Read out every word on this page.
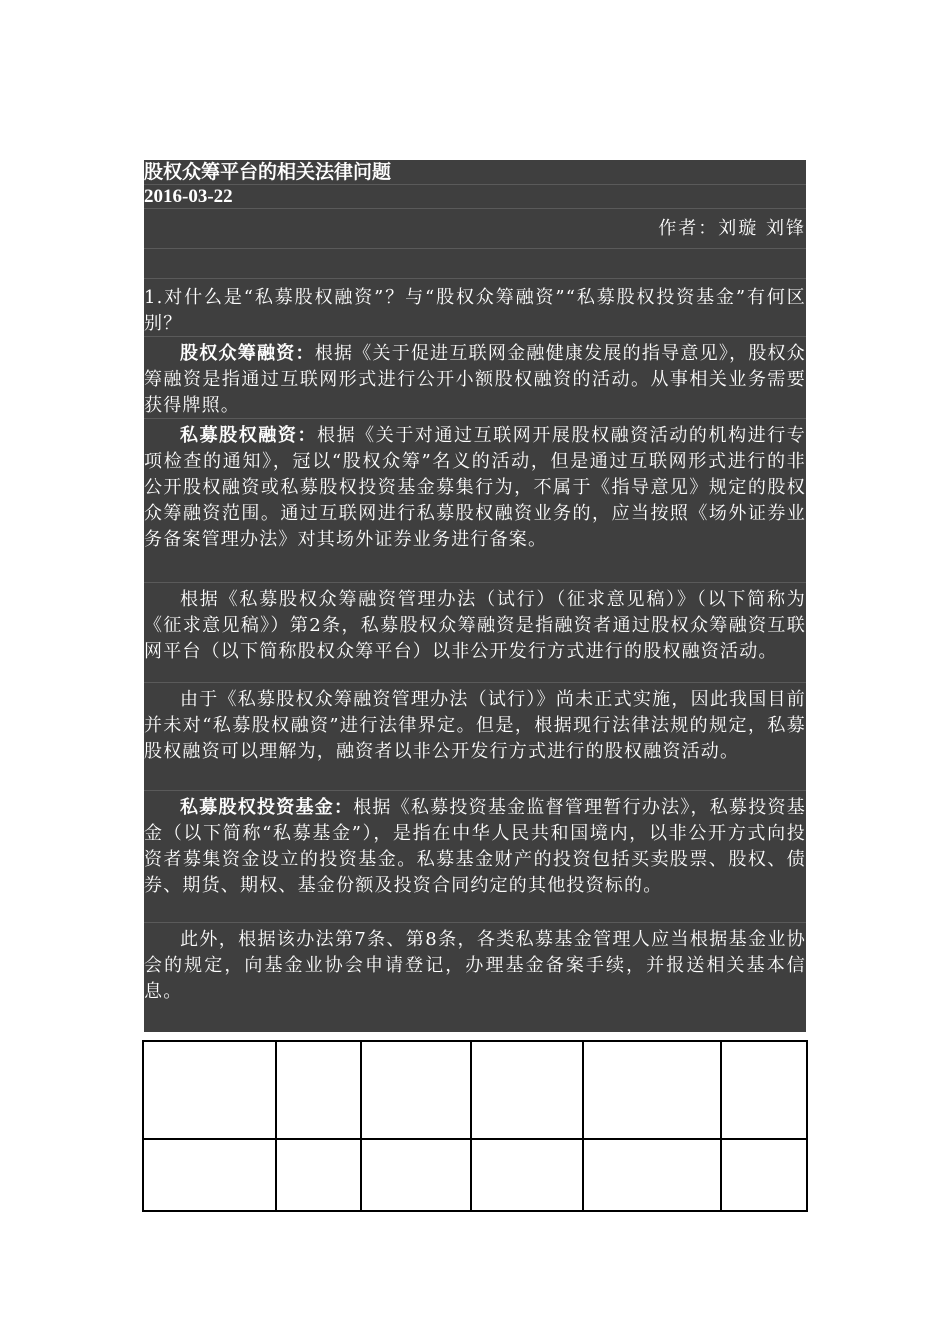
股权众筹平台的相关法律问题
2016-03-22
作者：刘璇 刘锋
1.对什么是“私募股权融资”？与“股权众筹融资”“私募股权投资基金”有何区别？
股权众筹融资：根据《关于促进互联网金融健康发展的指导意见》，股权众筹融资是指通过互联网形式进行公开小额股权融资的活动。从事相关业务需要获得牌照。
私募股权融资：根据《关于对通过互联网开展股权融资活动的机构进行专项检查的通知》，冠以“股权众筹”名义的活动，但是通过互联网形式进行的非公开股权融资或私募股权投资基金募集行为，不属于《指导意见》规定的股权众筹融资范围。通过互联网进行私募股权融资业务的，应当按照《场外证券业务备案管理办法》对其场外证券业务进行备案。
根据《私募股权众筹融资管理办法（试行）（征求意见稿）》（以下简称为《征求意见稿》）第2条，私募股权众筹融资是指融资者通过股权众筹融资互联网平台（以下简称股权众筹平台）以非公开发行方式进行的股权融资活动。
由于《私募股权众筹融资管理办法（试行）》尚未正式实施，因此我国目前并未对“私募股权融资”进行法律界定。但是，根据现行法律法规的规定，私募股权融资可以理解为，融资者以非公开发行方式进行的股权融资活动。
私募股权投资基金：根据《私募投资基金监督管理暂行办法》，私募投资基金（以下简称“私募基金”），是指在中华人民共和国境内，以非公开方式向投资者募集资金设立的投资基金。私募基金财产的投资包括买卖股票、股权、债券、期货、期权、基金份额及投资合同约定的其他投资标的。
此外，根据该办法第7条、第8条，各类私募基金管理人应当根据基金业协会的规定，向基金业协会申请登记，办理基金备案手续，并报送相关基本信息。
